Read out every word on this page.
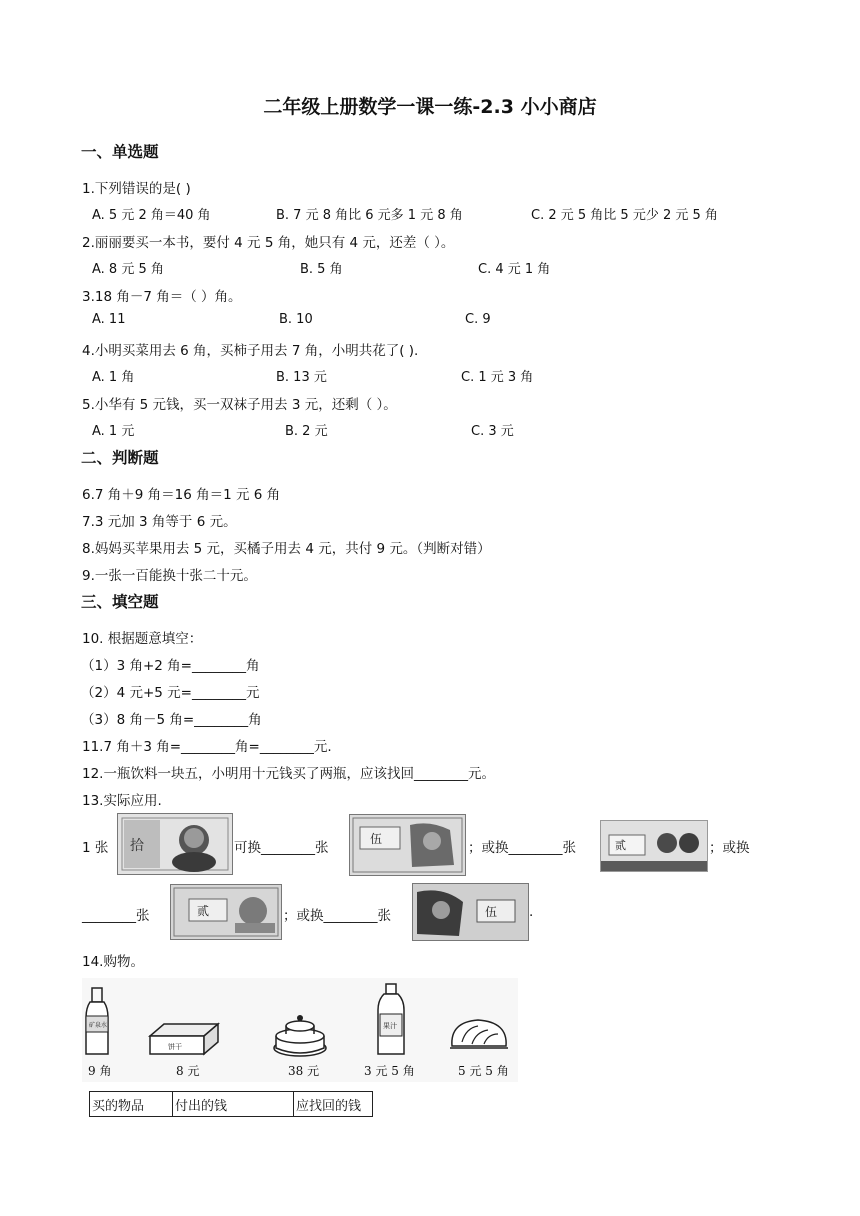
二年级上册数学一课一练-2.3 小小商店
一、单选题
1.下列错误的是( )
A. 5 元 2 角＝40 角	B. 7 元 8 角比 6 元多 1 元 8 角	C. 2 元 5 角比 5 元少 2 元 5 角
2.丽丽要买一本书，要付 4 元 5 角，她只有 4 元，还差（ ）。
A. 8 元 5 角	B. 5 角	C. 4 元 1 角
3.18 角－7 角＝（ ）角。
A. 11	B. 10	C. 9
4.小明买菜用去 6 角，买柿子用去 7 角，小明共花了( ).
A. 1 角	B. 13 元	C. 1 元 3 角
5.小华有 5 元钱，买一双袜子用去 3 元，还剩（ ）。
A. 1 元	B. 2 元	C. 3 元
二、判断题
6.7 角＋9 角＝16 角＝1 元 6 角
7.3 元加 3 角等于 6 元。
8.妈妈买苹果用去 5 元，买橘子用去 4 元，共付 9 元。（判断对错）
9.一张一百能换十张二十元。
三、填空题
10. 根据题意填空：
（1）3 角+2 角=________角
（2）4 元+5 元=________元
（3）8 角－5 角=________角
11.7 角＋3 角=________角=________元.
12.一瓶饮料一块五，小明用十元钱买了两瓶，应该找回________元。
13.实际应用.
1 张 拾	可换________张
伍
；或换________张	贰	；或换
________张	贰	；或换________张	伍 .
14.购物。
矿泉水
饼干
果汁
9 角	8 元	38 元	3 元 5 角	5 元 5 角
买的物品	付出的钱	应找回的钱
